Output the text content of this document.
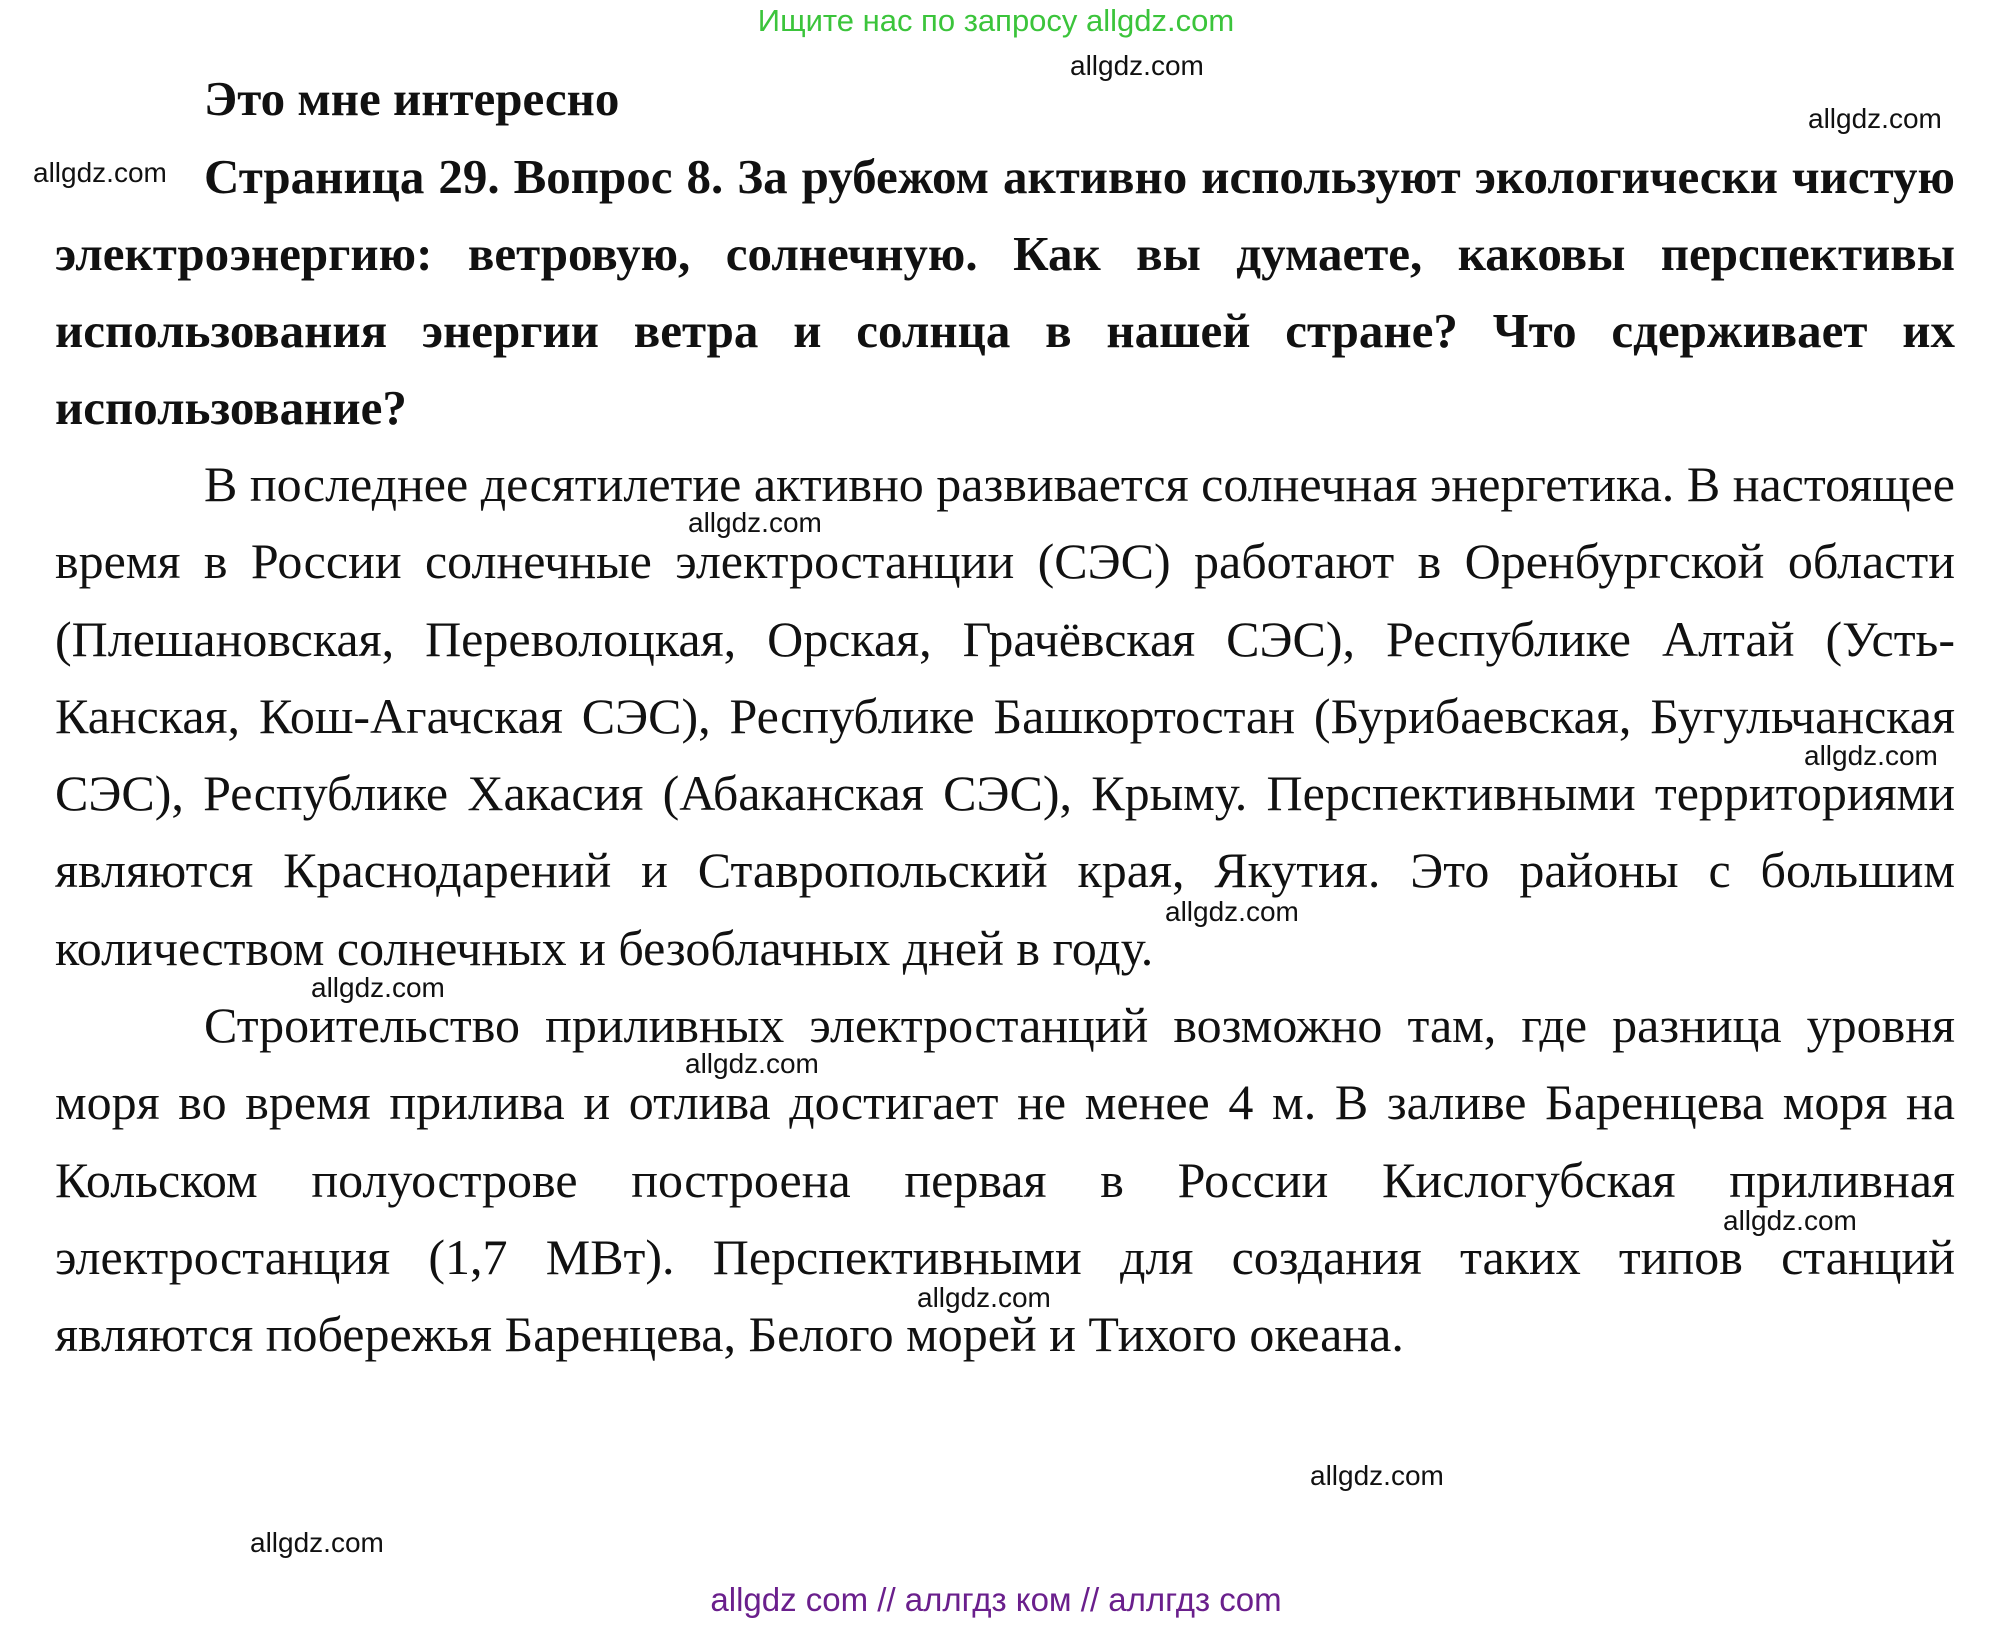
Ищите нас по запросу allgdz.com

Это мне интересно

Страница 29. Вопрос 8. За рубежом активно используют экологически чистую электроэнергию: ветровую, солнечную. Как вы думаете, каковы перспективы использования энергии ветра и солнца в нашей стране? Что сдерживает их использование?

В последнее десятилетие активно развивается солнечная энергетика. В настоящее время в России солнечные электростанции (СЭС) работают в Оренбургской области (Плешановская, Переволоцкая, Орская, Грачёвская СЭС), Республике Алтай (Усть-Канская, Кош-Агачская СЭС), Республике Башкортостан (Бурибаевская, Бугульчанская СЭС), Республике Хакасия (Абаканская СЭС), Крыму. Перспективными территориями являются Краснодарений и Ставропольский края, Якутия. Это районы с большим количеством солнечных и безоблачных дней в году.

Строительство приливных электростанций возможно там, где разница уровня моря во время прилива и отлива достигает не менее 4 м. В заливе Баренцева моря на Кольском полуострове построена первая в России Кислогубская приливная электростанция (1,7 МВт). Перспективными для создания таких типов станций являются побережья Баренцева, Белого морей и Тихого океана.

allgdz.com
allgdz.com
allgdz.com
allgdz.com
allgdz.com
allgdz.com
allgdz.com
allgdz.com
allgdz.com
allgdz.com
allgdz.com
allgdz.com
allgdz com // аллгдз ком // аллгдз com
